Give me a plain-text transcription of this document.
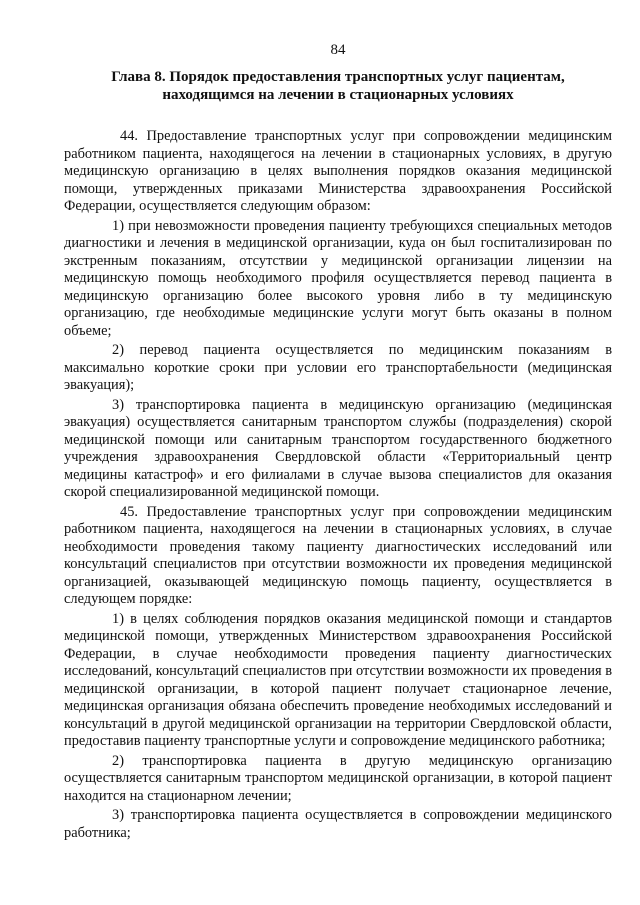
84
Глава 8. Порядок предоставления транспортных услуг пациентам,
находящимся на лечении в стационарных условиях

44. Предоставление транспортных услуг при сопровождении медицинским работником пациента, находящегося на лечении в стационарных условиях, в другую медицинскую организацию в целях выполнения порядков оказания медицинской помощи, утвержденных приказами Министерства здравоохранения Российской Федерации, осуществляется следующим образом:

1) при невозможности проведения пациенту требующихся специальных методов диагностики и лечения в медицинской организации, куда он был госпитализирован по экстренным показаниям, отсутствии у медицинской организации лицензии на медицинскую помощь необходимого профиля осуществляется перевод пациента в медицинскую организацию более высокого уровня либо в ту медицинскую организацию, где необходимые медицинские услуги могут быть оказаны в полном объеме;

2) перевод пациента осуществляется по медицинским показаниям в максимально короткие сроки при условии его транспортабельности (медицинская эвакуация);

3) транспортировка пациента в медицинскую организацию (медицинская эвакуация) осуществляется санитарным транспортом службы (подразделения) скорой медицинской помощи или санитарным транспортом государственного бюджетного учреждения здравоохранения Свердловской области «Территориальный центр медицины катастроф» и его филиалами в случае вызова специалистов для оказания скорой специализированной медицинской помощи.

45. Предоставление транспортных услуг при сопровождении медицинским работником пациента, находящегося на лечении в стационарных условиях, в случае необходимости проведения такому пациенту диагностических исследований или консультаций специалистов при отсутствии возможности их проведения медицинской организацией, оказывающей медицинскую помощь пациенту, осуществляется в следующем порядке:

1) в целях соблюдения порядков оказания медицинской помощи и стандартов медицинской помощи, утвержденных Министерством здравоохранения Российской Федерации, в случае необходимости проведения пациенту диагностических исследований, консультаций специалистов при отсутствии возможности их проведения в медицинской организации, в которой пациент получает стационарное лечение, медицинская организация обязана обеспечить проведение необходимых исследований и консультаций в другой медицинской организации на территории Свердловской области, предоставив пациенту транспортные услуги и сопровождение медицинского работника;

2) транспортировка пациента в другую медицинскую организацию осуществляется санитарным транспортом медицинской организации, в которой пациент находится на стационарном лечении;

3) транспортировка пациента осуществляется в сопровождении медицинского работника;
